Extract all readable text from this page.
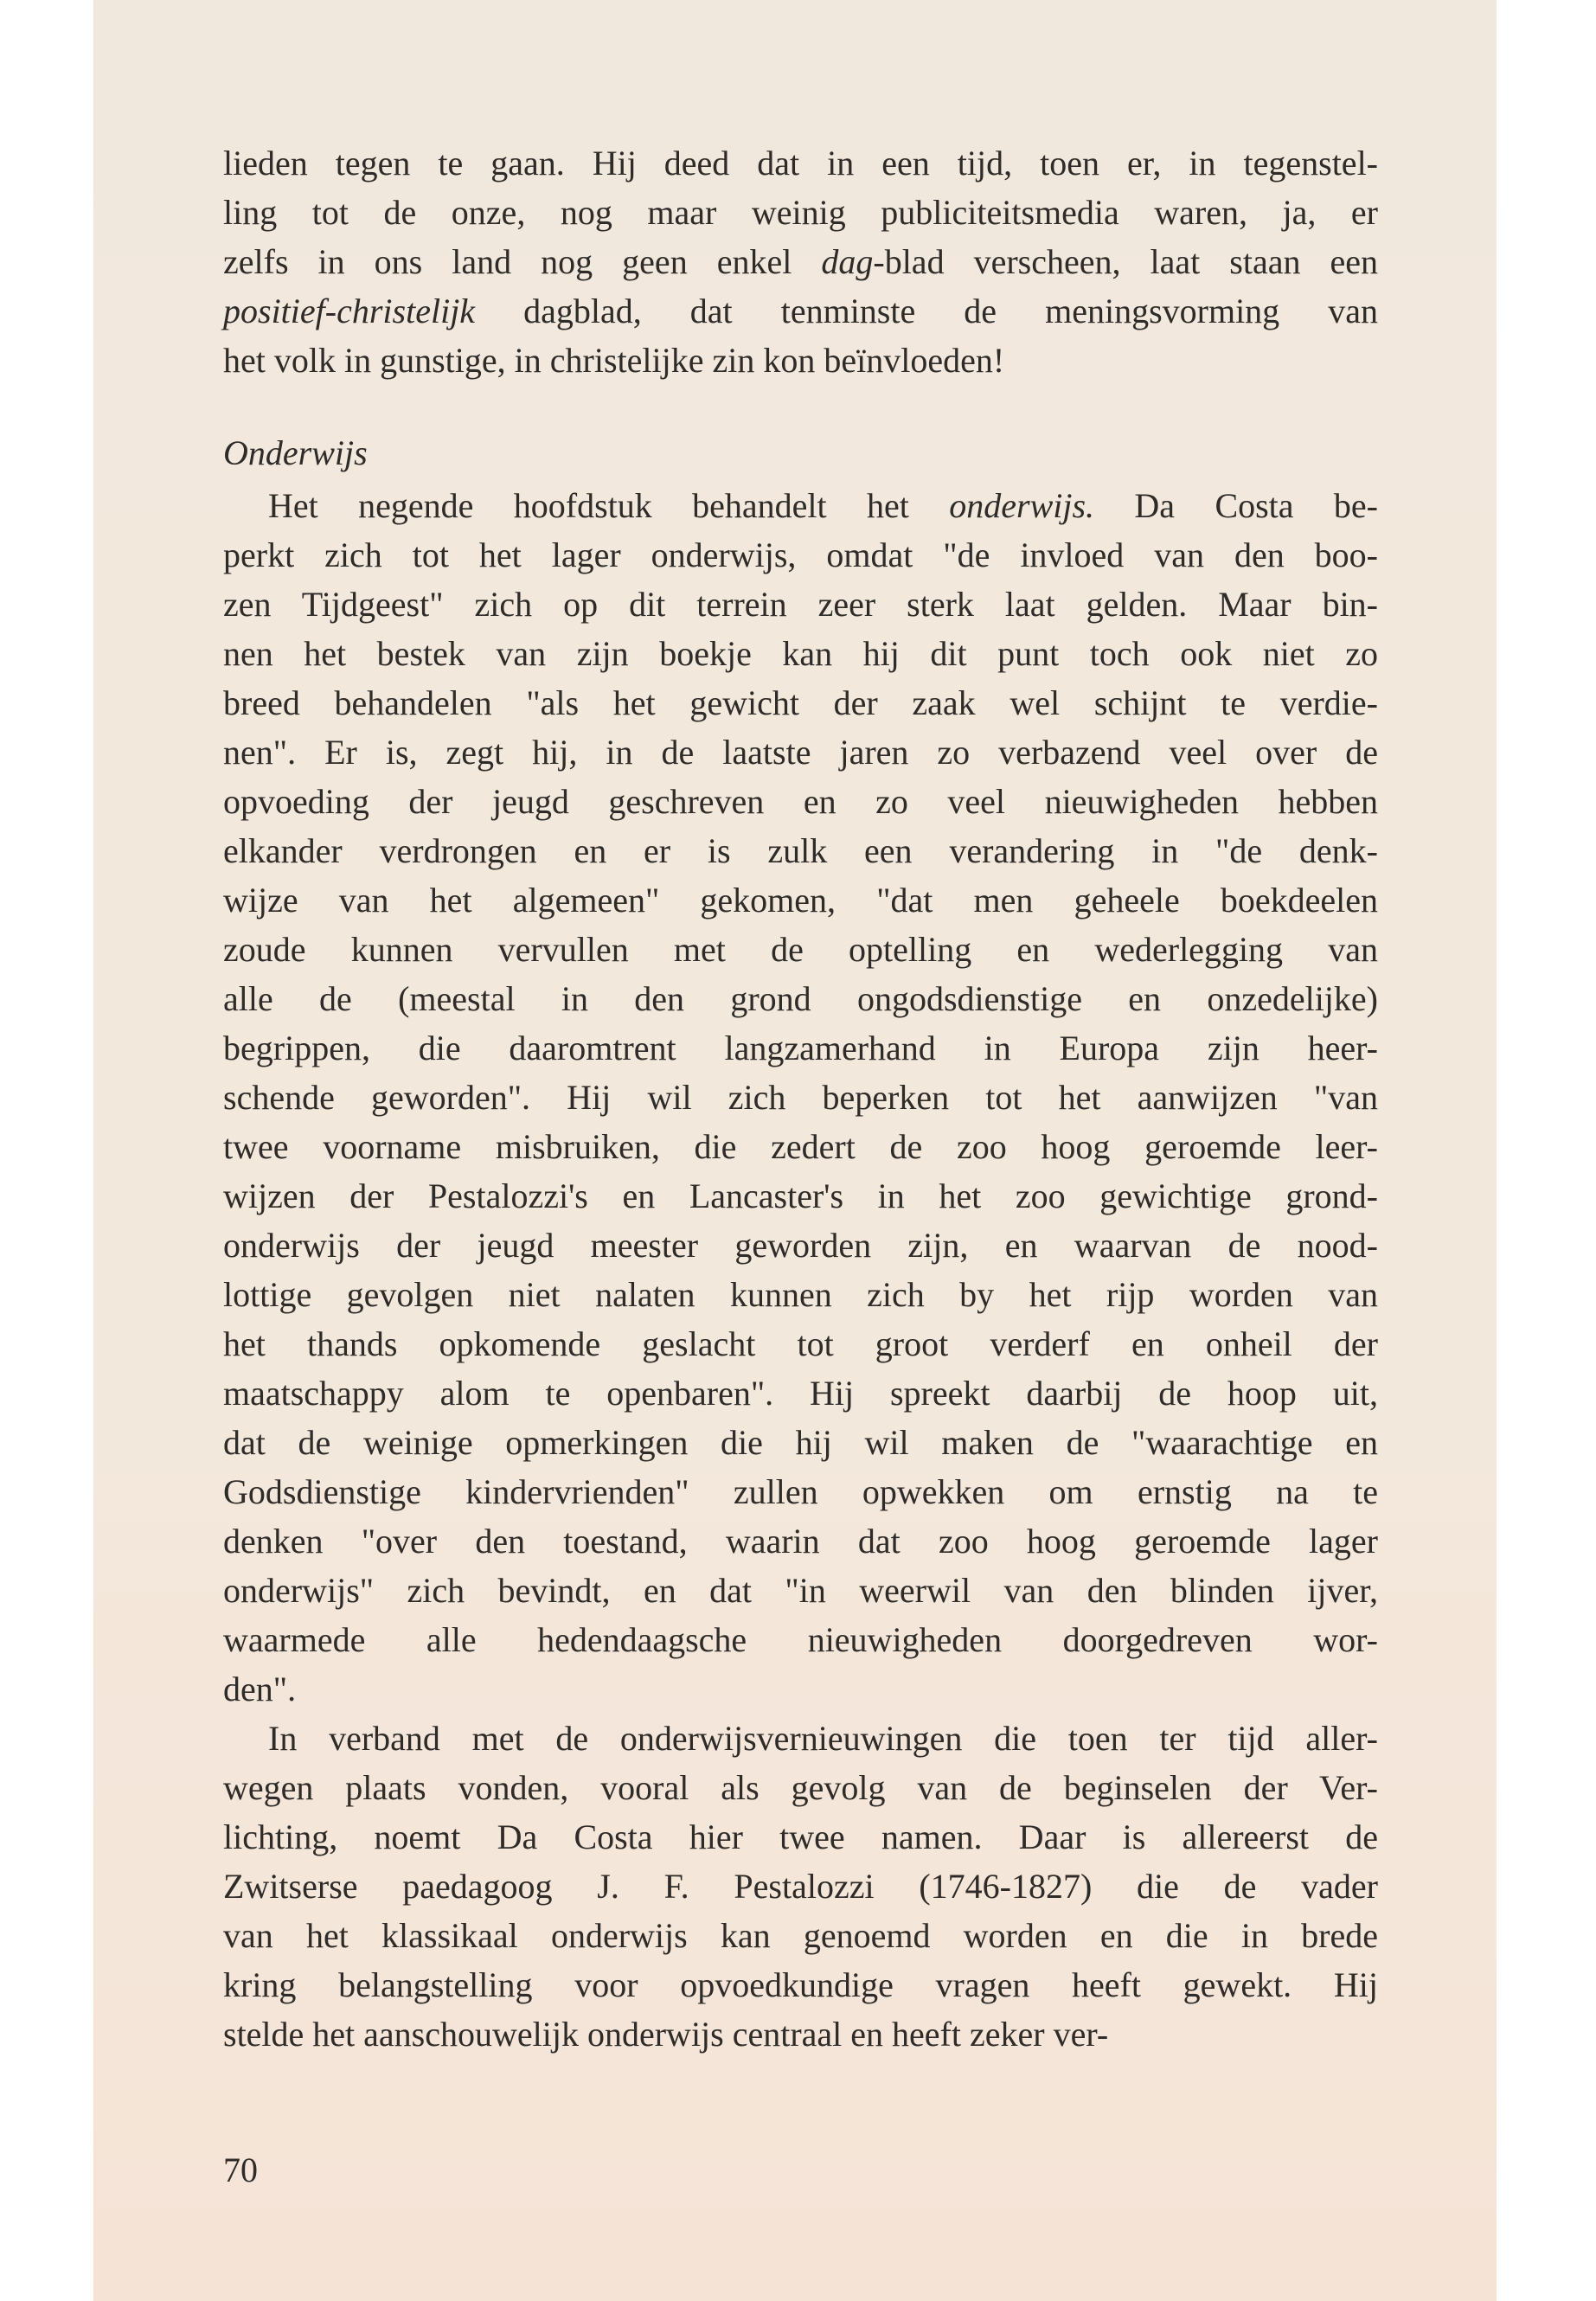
lieden tegen te gaan. Hij deed dat in een tijd, toen er, in tegenstel-
ling tot de onze, nog maar weinig publiciteitsmedia waren, ja, er
zelfs in ons land nog geen enkel dag-blad verscheen, laat staan een
positief-christelijk dagblad, dat tenminste de meningsvorming van
het volk in gunstige, in christelijke zin kon beïnvloeden!
Onderwijs
Het negende hoofdstuk behandelt het onderwijs. Da Costa be-
perkt zich tot het lager onderwijs, omdat "de invloed van den boo-
zen Tijdgeest" zich op dit terrein zeer sterk laat gelden. Maar bin-
nen het bestek van zijn boekje kan hij dit punt toch ook niet zo
breed behandelen "als het gewicht der zaak wel schijnt te verdie-
nen". Er is, zegt hij, in de laatste jaren zo verbazend veel over de
opvoeding der jeugd geschreven en zo veel nieuwigheden hebben
elkander verdrongen en er is zulk een verandering in "de denk-
wijze van het algemeen" gekomen, "dat men geheele boekdeelen
zoude kunnen vervullen met de optelling en wederlegging van
alle de (meestal in den grond ongodsdienstige en onzedelijke)
begrippen, die daaromtrent langzamerhand in Europa zijn heer-
schende geworden". Hij wil zich beperken tot het aanwijzen "van
twee voorname misbruiken, die zedert de zoo hoog geroemde leer-
wijzen der Pestalozzi's en Lancaster's in het zoo gewichtige grond-
onderwijs der jeugd meester geworden zijn, en waarvan de nood-
lottige gevolgen niet nalaten kunnen zich by het rijp worden van
het thands opkomende geslacht tot groot verderf en onheil der
maatschappy alom te openbaren". Hij spreekt daarbij de hoop uit,
dat de weinige opmerkingen die hij wil maken de "waarachtige en
Godsdienstige kindervrienden" zullen opwekken om ernstig na te
denken "over den toestand, waarin dat zoo hoog geroemde lager
onderwijs" zich bevindt, en dat "in weerwil van den blinden ijver,
waarmede alle hedendaagsche nieuwigheden doorgedreven wor-
den".
In verband met de onderwijsvernieuwingen die toen ter tijd aller-
wegen plaats vonden, vooral als gevolg van de beginselen der Ver-
lichting, noemt Da Costa hier twee namen. Daar is allereerst de
Zwitserse paedagoog J. F. Pestalozzi (1746-1827) die de vader
van het klassikaal onderwijs kan genoemd worden en die in brede
kring belangstelling voor opvoedkundige vragen heeft gewekt. Hij
stelde het aanschouwelijk onderwijs centraal en heeft zeker ver-
70
